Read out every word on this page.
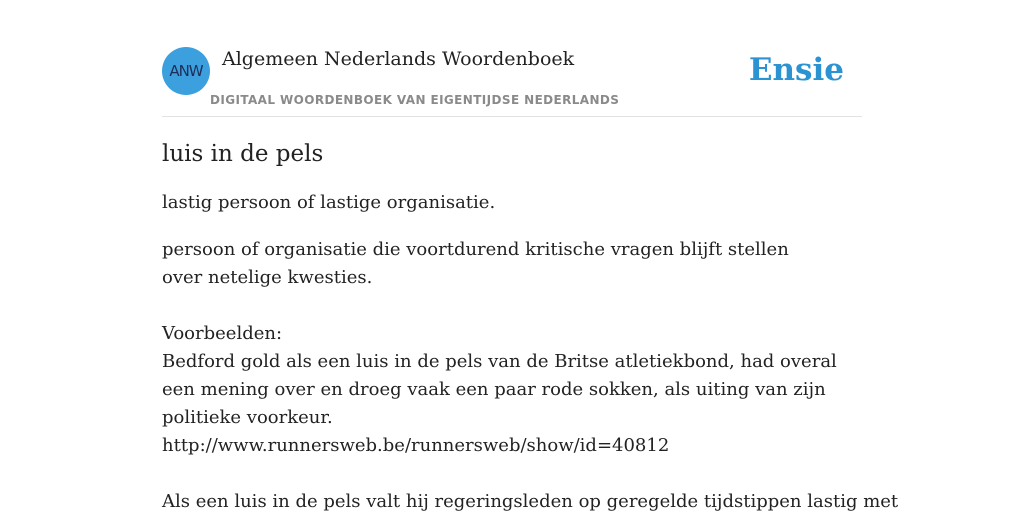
ANW
Algemeen Nederlands Woordenboek
DIGITAAL WOORDENBOEK VAN EIGENTIJDSE NEDERLANDS
Ensie
luis in de pels

lastig persoon of lastige organisatie.

persoon of organisatie die voortdurend kritische vragen blijft stellen over netelige kwesties.
Voorbeelden:
Bedford gold als een luis in de pels van de Britse atletiekbond, had overal een mening over en droeg vaak een paar rode sokken, als uiting van zijn politieke voorkeur.
http://www.runnersweb.be/runnersweb/show/id=40812
Als een luis in de pels valt hij regeringsleden op geregelde tijdstippen lastig met
